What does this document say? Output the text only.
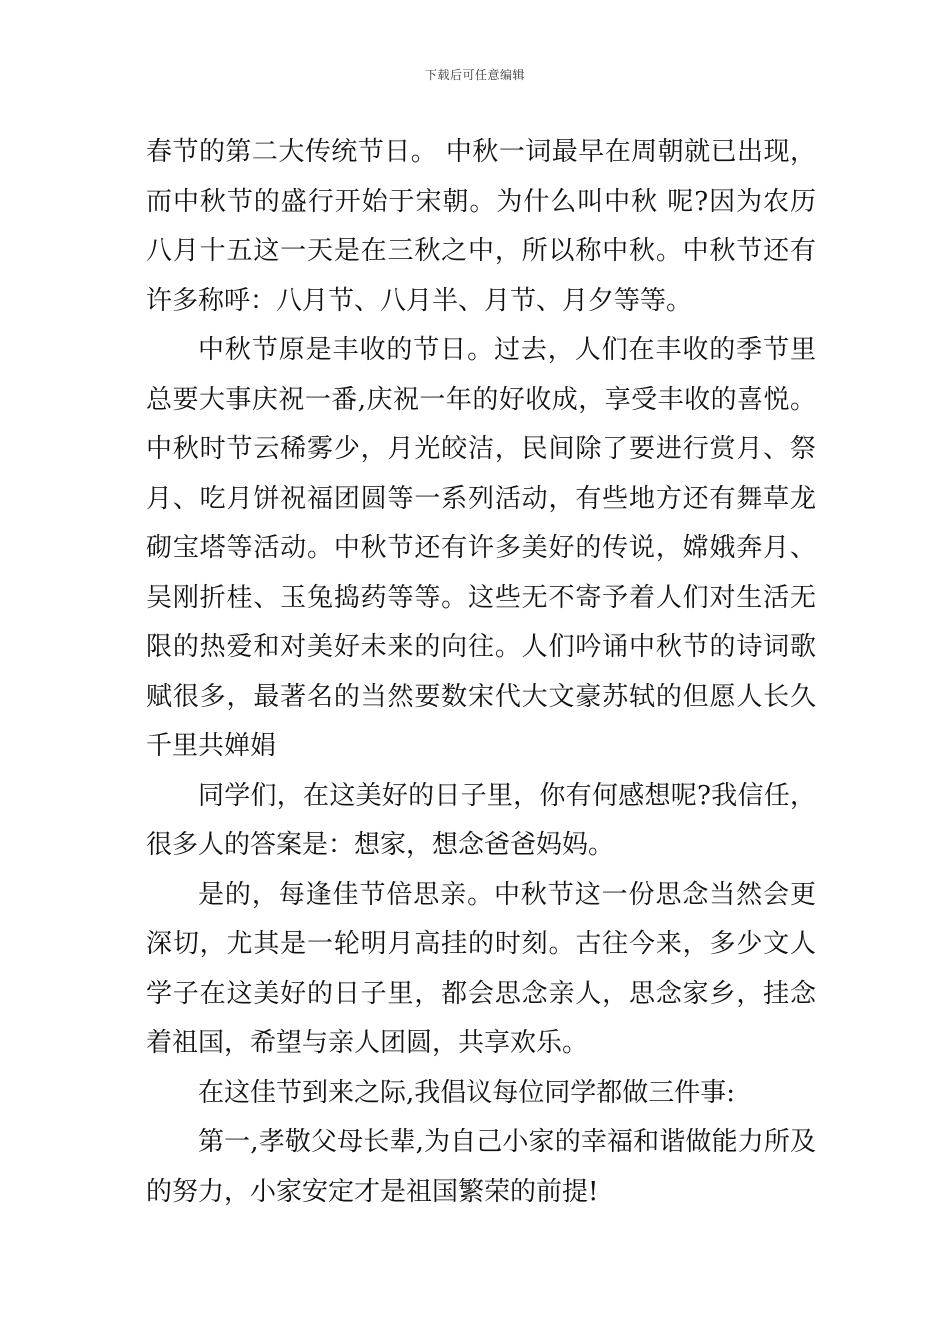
下载后可任意编辑

春节的第二大传统节日。 中秋一词最早在周朝就已出现，而中秋节的盛行开始于宋朝。为什么叫中秋 呢?因为农历八月十五这一天是在三秋之中，所以称中秋。中秋节还有许多称呼：八月节、八月半、月节、月夕等等。

中秋节原是丰收的节日。过去，人们在丰收的季节里总要大事庆祝一番,庆祝一年的好收成，享受丰收的喜悦。中秋时节云稀雾少，月光皎洁，民间除了要进行赏月、祭月、吃月饼祝福团圆等一系列活动，有些地方还有舞草龙砌宝塔等活动。中秋节还有许多美好的传说，嫦娥奔月、吴刚折桂、玉兔捣药等等。这些无不寄予着人们对生活无限的热爱和对美好未来的向往。人们吟诵中秋节的诗词歌赋很多，最著名的当然要数宋代大文豪苏轼的但愿人长久千里共婵娟

同学们，在这美好的日子里，你有何感想呢?我信任，很多人的答案是：想家，想念爸爸妈妈。

是的，每逢佳节倍思亲。中秋节这一份思念当然会更深切，尤其是一轮明月高挂的时刻。古往今来，多少文人学子在这美好的日子里，都会思念亲人，思念家乡，挂念着祖国，希望与亲人团圆，共享欢乐。

在这佳节到来之际,我倡议每位同学都做三件事:

第一,孝敬父母长辈,为自己小家的幸福和谐做能力所及的努力，小家安定才是祖国繁荣的前提!
